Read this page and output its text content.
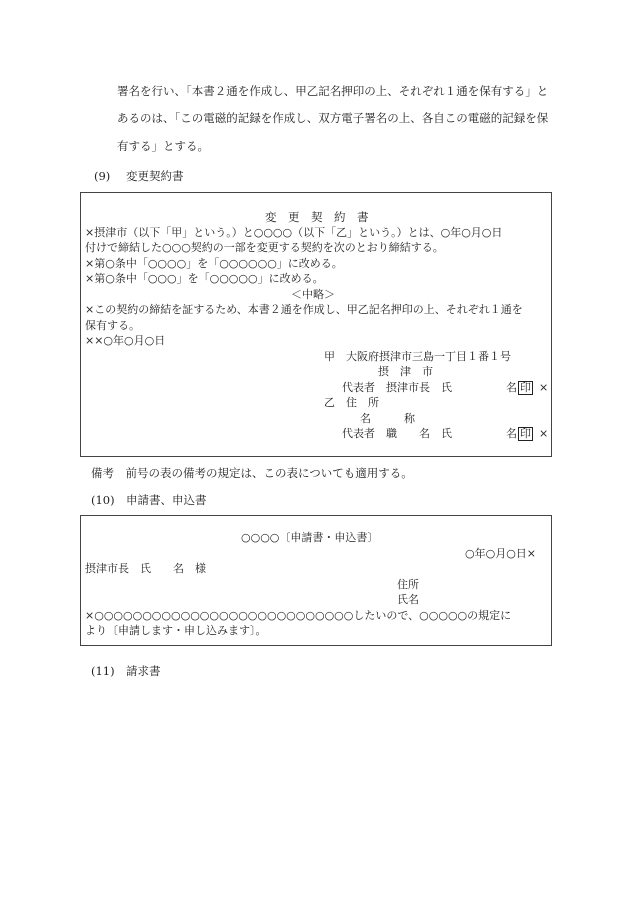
署名を行い、「本書２通を作成し、甲乙記名押印の上、それぞれ１通を保有する」と
あるのは、「この電磁的記録を作成し、双方電子署名の上、各自この電磁的記録を保
有する」とする。
(9) 変更契約書
変　更　契　約　書
×摂津市（以下「甲」という。）と○○○○（以下「乙」という。）とは、○年○月○日
付けで締結した○○○契約の一部を変更する契約を次のとおり締結する。
×第○条中「○○○○」を「○○○○○○」に改める。
×第○条中「○○○」を「○○○○○」に改める。
＜中略＞
×この契約の締結を証するため、本書２通を作成し、甲乙記名押印の上、それぞれ１通を
保有する。
××○年○月○日
甲　大阪府摂津市三島一丁目１番１号
摂　津　市
代表者　摂津市長　氏	名 印 ×
乙　住　所
名　　　称
代表者　職　　名　氏	名 印 ×
備考　前号の表の備考の規定は、この表についても適用する。
(10) 申請書、申込書
○○○○〔申請書・申込書〕
○年○月○日×
摂津市長　氏　　名　様
住所
氏名
×○○○○○○○○○○○○○○○○○○○○○○○○○○○したいので、○○○○○の規定に
より〔申請します・申し込みます〕。
(11) 請求書
